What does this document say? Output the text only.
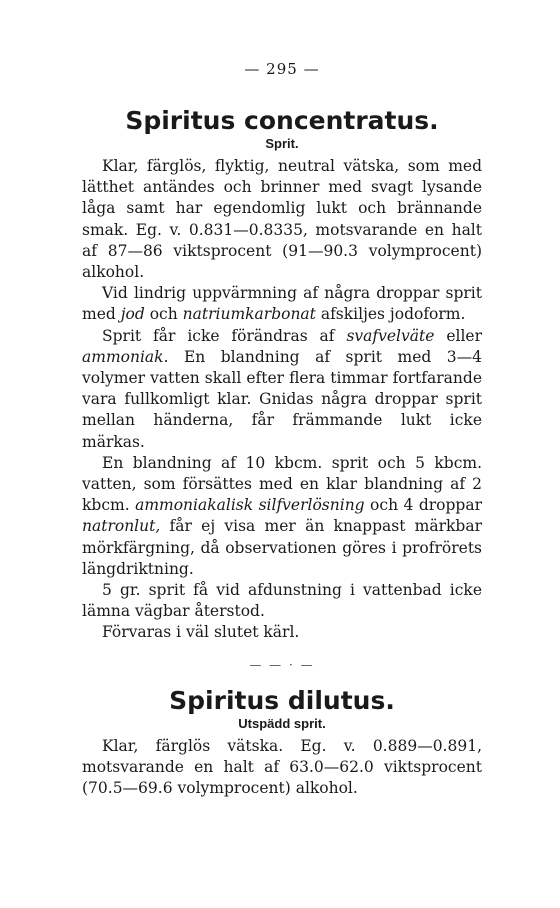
— 295 —
Spiritus concentratus.
Sprit.

Klar, färglös, flyktig, neutral vätska, som med lätthet antändes och brinner med svagt lysande låga samt har egendomlig lukt och brännande smak. Eg. v. 0.831—0.8335, motsvarande en halt af 87—86 viktsprocent (91—90.3 volymprocent) alkohol.

Vid lindrig uppvärmning af några droppar sprit med jod och natriumkarbonat afskiljes jodoform.

Sprit får icke förändras af svafvelväte eller ammoniak. En blandning af sprit med 3—4 volymer vatten skall efter flera timmar fortfarande vara fullkomligt klar. Gnidas några droppar sprit mellan händerna, får främmande lukt icke märkas.

En blandning af 10 kbcm. sprit och 5 kbcm. vatten, som försättes med en klar blandning af 2 kbcm. ammoniakalisk silfverlösning och 4 droppar natronlut, får ej visa mer än knappast märkbar mörkfärgning, då observationen göres i profrörets längdriktning.

5 gr. sprit få vid afdunstning i vattenbad icke lämna vägbar återstod.

Förvaras i väl slutet kärl.

— — · —
Spiritus dilutus.
Utspädd sprit.

Klar, färglös vätska. Eg. v. 0.889—0.891, motsvarande en halt af 63.0—62.0 viktsprocent (70.5—69.6 volymprocent) alkohol.
